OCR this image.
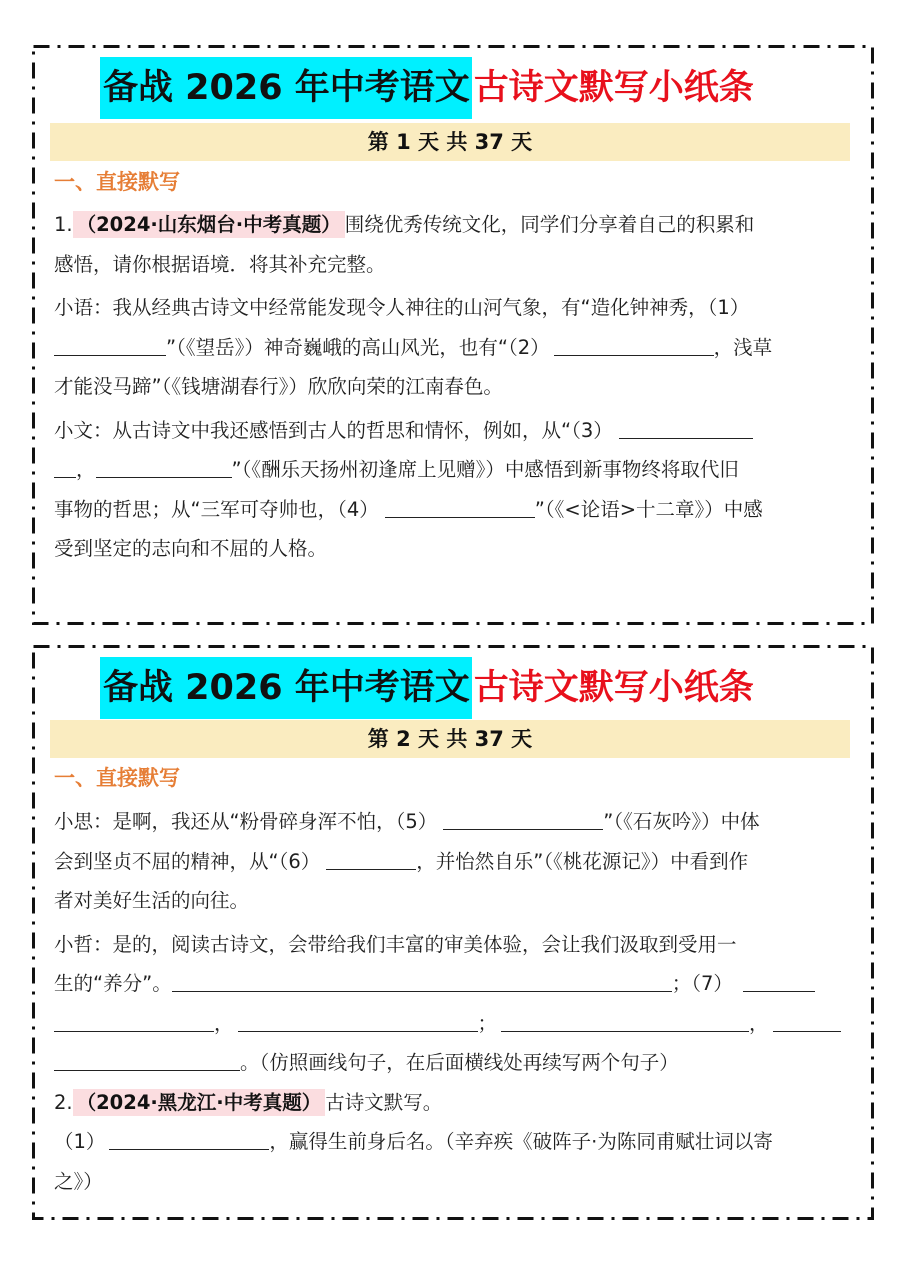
备战 2026 年中考语文 古诗文默写小纸条
第 1 天 共 37 天
一、直接默写
1. （2024·山东烟台·中考真题） 围绕优秀传统文化，同学们分享着自己的积累和
感悟，请你根据语境．将其补充完整。
小语：我从经典古诗文中经常能发现令人神往的山河气象，有“造化钟神秀，（1）
”（《望岳》）神奇巍峨的高山风光，也有“（2）	，浅草
才能没马蹄”（《钱塘湖春行》）欣欣向荣的江南春色。
小文：从古诗文中我还感悟到古人的哲思和情怀，例如，从“（3）
，	”（《酬乐天扬州初逢席上见赠》）中感悟到新事物终将取代旧
事物的哲思；从“三军可夺帅也，（4）	”（《<论语>十二章》）中感
受到坚定的志向和不屈的人格。
备战 2026 年中考语文 古诗文默写小纸条
第 2 天 共 37 天
一、直接默写
小思：是啊，我还从“粉骨碎身浑不怕，（5）	”（《石灰吟》）中体
会到坚贞不屈的精神，从“（6）	，并怡然自乐”（《桃花源记》）中看到作
者对美好生活的向往。
小哲：是的，阅读古诗文，会带给我们丰富的审美体验，会让我们汲取到受用一
生的“养分”。	；（7）
，	；	，
。（仿照画线句子，在后面横线处再续写两个句子）
2. （2024·黑龙江·中考真题） 古诗文默写。
（1）	，赢得生前身后名。（辛弃疾《破阵子·为陈同甫赋壮词以寄
之》）
